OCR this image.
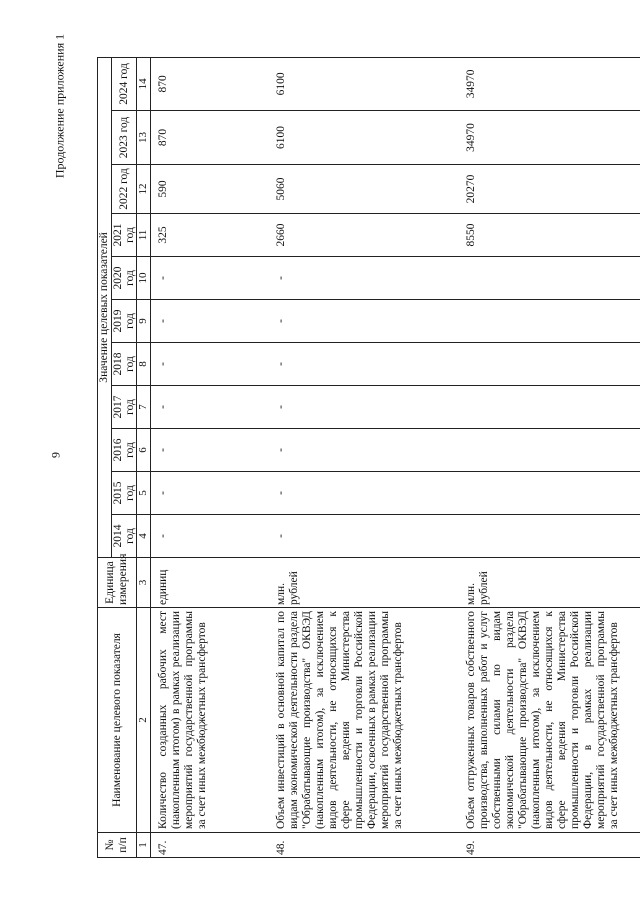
9
Продолжение приложения 1
№
п/п	Наименование целевого показателя	Единица измерения	Значение целевых показателей										
			2014 год	2015 год	2016 год	2017 год	2018 год	2019 год	2020 год	2021 год	2022 год	2023 год	2024 год
1	2	3	4	5	6	7	8	9	10	11	12	13	14
47.	Количество созданных рабочих мест (накопленным итогом) в рамках реализации мероприятий государственной программы за счет иных межбюджетных трансфертов	единиц	-	-	-	-	-	-	-	325	590	870	870
48.	Объем инвестиций в основной капитал по видам экономической деятельности раздела "Обрабатывающие производства" ОКВЭД (накопленным итогом), за исключением видов деятельности, не относящихся к сфере ведения Министерства промышленности и торговли Российской Федерации, освоенных в рамках реализации мероприятий государственной программы за счет иных межбюджетных трансфертов	млн. рублей	-	-	-	-	-	-	-	2660	5060	6100	6100
49.	Объем отгруженных товаров собственного производства, выполненных работ и услуг собственными силами по видам экономической деятельности раздела "Обрабатывающие производства" ОКВЭД (накопленным итогом), за исключением видов деятельности, не относящихся к сфере ведения Министерства промышленности и торговли Российской Федерации, в рамках реализации мероприятий государственной программы за счет иных межбюджетных трансфертов	млн. рублей								8550	20270	34970	34970
